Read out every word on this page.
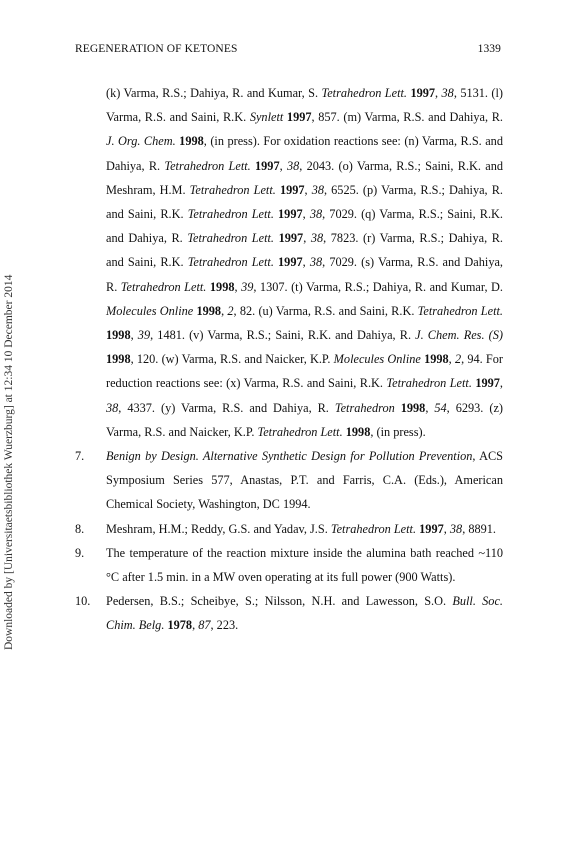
REGENERATION OF KETONES	1339
Downloaded by [Universitaetsbibliothek Wuerzburg] at 12:34 10 December 2014
(k) Varma, R.S.; Dahiya, R. and Kumar, S. Tetrahedron Lett. 1997, 38, 5131. (l) Varma, R.S. and Saini, R.K. Synlett 1997, 857. (m) Varma, R.S. and Dahiya, R. J. Org. Chem. 1998, (in press). For oxidation reactions see: (n) Varma, R.S. and Dahiya, R. Tetrahedron Lett. 1997, 38, 2043. (o) Varma, R.S.; Saini, R.K. and Meshram, H.M. Tetrahedron Lett. 1997, 38, 6525. (p) Varma, R.S.; Dahiya, R. and Saini, R.K. Tetrahedron Lett. 1997, 38, 7029. (q) Varma, R.S.; Saini, R.K. and Dahiya, R. Tetrahedron Lett. 1997, 38, 7823. (r) Varma, R.S.; Dahiya, R. and Saini, R.K. Tetrahedron Lett. 1997, 38, 7029. (s) Varma, R.S. and Dahiya, R. Tetrahedron Lett. 1998, 39, 1307. (t) Varma, R.S.; Dahiya, R. and Kumar, D. Molecules Online 1998, 2, 82. (u) Varma, R.S. and Saini, R.K. Tetrahedron Lett. 1998, 39, 1481. (v) Varma, R.S.; Saini, R.K. and Dahiya, R. J. Chem. Res. (S) 1998, 120. (w) Varma, R.S. and Naicker, K.P. Molecules Online 1998, 2, 94. For reduction reactions see: (x) Varma, R.S. and Saini, R.K. Tetrahedron Lett. 1997, 38, 4337. (y) Varma, R.S. and Dahiya, R. Tetrahedron 1998, 54, 6293. (z) Varma, R.S. and Naicker, K.P. Tetrahedron Lett. 1998, (in press).
7. Benign by Design. Alternative Synthetic Design for Pollution Prevention, ACS Symposium Series 577, Anastas, P.T. and Farris, C.A. (Eds.), American Chemical Society, Washington, DC 1994.
8. Meshram, H.M.; Reddy, G.S. and Yadav, J.S. Tetrahedron Lett. 1997, 38, 8891.
9. The temperature of the reaction mixture inside the alumina bath reached ~110 °C after 1.5 min. in a MW oven operating at its full power (900 Watts).
10. Pedersen, B.S.; Scheibye, S.; Nilsson, N.H. and Lawesson, S.O. Bull. Soc. Chim. Belg. 1978, 87, 223.
